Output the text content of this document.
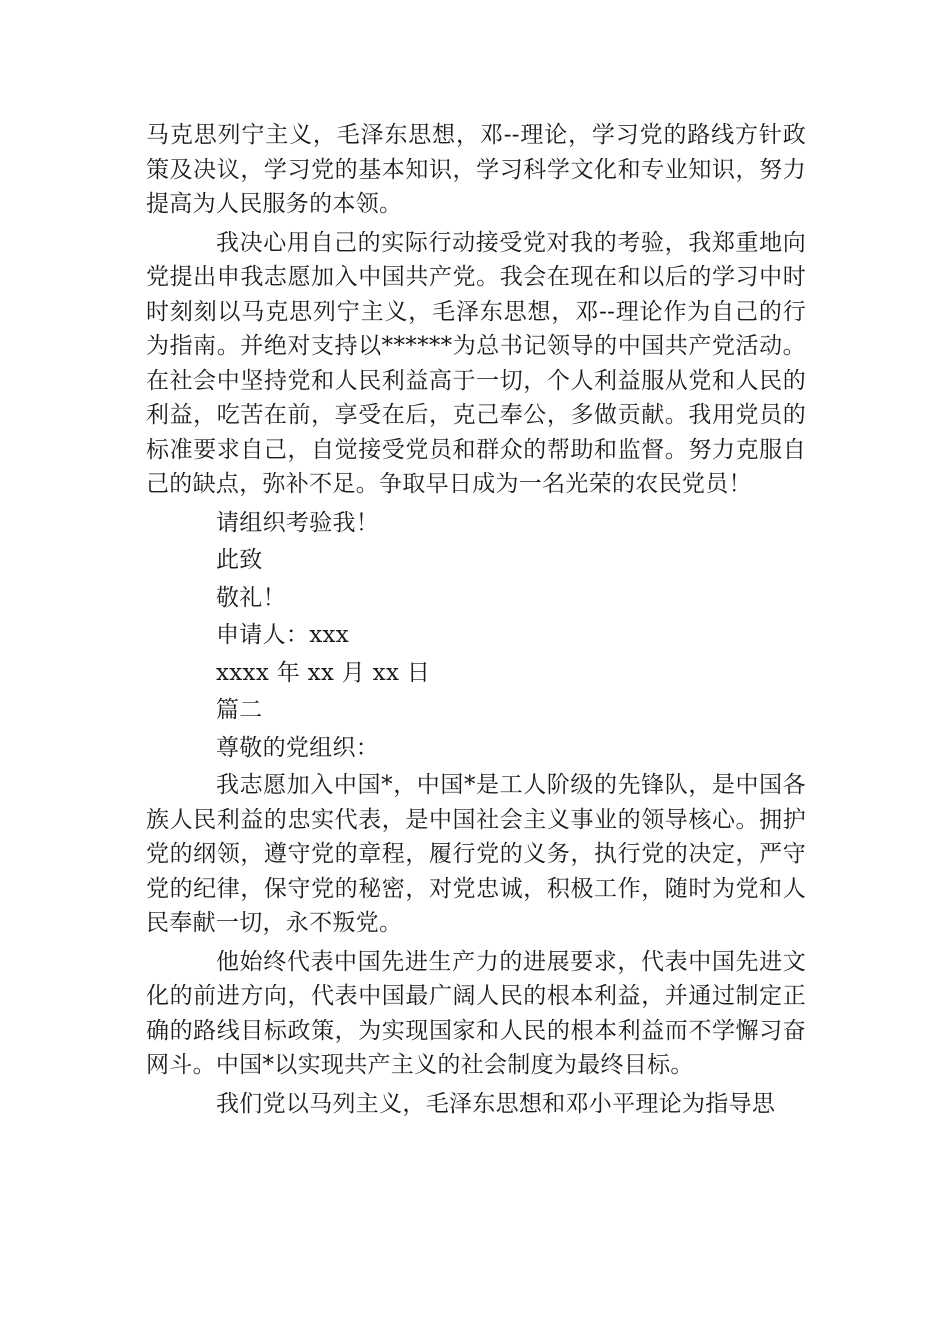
马克思列宁主义，毛泽东思想，邓--理论，学习党的路线方针政策及决议，学习党的基本知识，学习科学文化和专业知识，努力提高为人民服务的本领。

我决心用自己的实际行动接受党对我的考验，我郑重地向党提出申我志愿加入中国共产党。我会在现在和以后的学习中时时刻刻以马克思列宁主义，毛泽东思想，邓--理论作为自己的行为指南。并绝对支持以******为总书记领导的中国共产党活动。在社会中坚持党和人民利益高于一切，个人利益服从党和人民的利益，吃苦在前，享受在后，克己奉公，多做贡献。我用党员的标准要求自己，自觉接受党员和群众的帮助和监督。努力克服自己的缺点，弥补不足。争取早日成为一名光荣的农民党员！

请组织考验我！
此致
敬礼！
申请人：xxx
xxxx 年 xx 月 xx 日
篇二
尊敬的党组织：

我志愿加入中国*，中国*是工人阶级的先锋队，是中国各族人民利益的忠实代表，是中国社会主义事业的领导核心。拥护党的纲领，遵守党的章程，履行党的义务，执行党的决定，严守党的纪律，保守党的秘密，对党忠诚，积极工作，随时为党和人民奉献一切，永不叛党。

他始终代表中国先进生产力的进展要求，代表中国先进文化的前进方向，代表中国最广阔人民的根本利益，并通过制定正确的路线目标政策，为实现国家和人民的根本利益而不学懈习奋网斗。中国*以实现共产主义的社会制度为最终目标。

我们党以马列主义，毛泽东思想和邓小平理论为指导思
